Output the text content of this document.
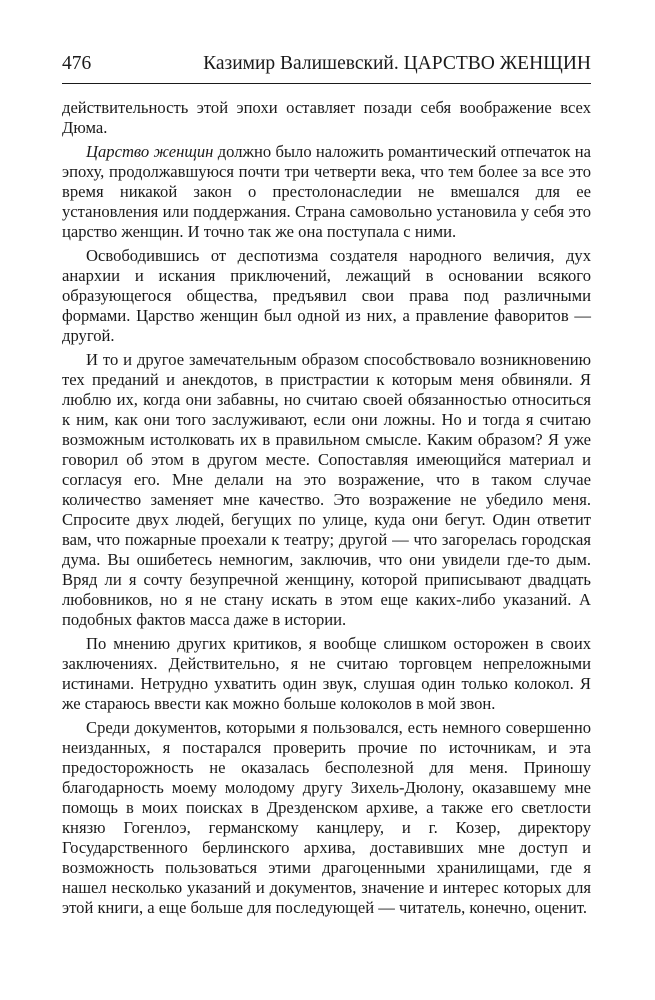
476	Казимир Валишевский. ЦАРСТВО ЖЕНЩИН

действительность этой эпохи оставляет позади себя воображение всех Дюма.

Царство женщин должно было наложить романтический отпечаток на эпоху, продолжавшуюся почти три четверти века, что тем более за все это время никакой закон о престолонаследии не вмешался для ее установления или поддержания. Страна самовольно установила у себя это царство женщин. И точно так же она поступала с ними.

Освободившись от деспотизма создателя народного величия, дух анархии и искания приключений, лежащий в основании всякого образующегося общества, предъявил свои права под различными формами. Царство женщин был одной из них, а правление фаворитов — другой.

И то и другое замечательным образом способствовало возникновению тех преданий и анекдотов, в пристрастии к которым меня обвиняли. Я люблю их, когда они забавны, но считаю своей обязанностью относиться к ним, как они того заслуживают, если они ложны. Но и тогда я считаю возможным истолковать их в правильном смысле. Каким образом? Я уже говорил об этом в другом месте. Сопоставляя имеющийся материал и согласуя его. Мне делали на это возражение, что в таком случае количество заменяет мне качество. Это возражение не убедило меня. Спросите двух людей, бегущих по улице, куда они бегут. Один ответит вам, что пожарные проехали к театру; другой — что загорелась городская дума. Вы ошибетесь немногим, заключив, что они увидели где-то дым. Вряд ли я сочту безупречной женщину, которой приписывают двадцать любовников, но я не стану искать в этом еще каких-либо указаний. А подобных фактов масса даже в истории.

По мнению других критиков, я вообще слишком осторожен в своих заключениях. Действительно, я не считаю торговцем непреложными истинами. Нетрудно ухватить один звук, слушая один только колокол. Я же стараюсь ввести как можно больше колоколов в мой звон.

Среди документов, которыми я пользовался, есть немного совершенно неизданных, я постарался проверить прочие по источникам, и эта предосторожность не оказалась бесполезной для меня. Приношу благодарность моему молодому другу Зихель-Дюлону, оказавшему мне помощь в моих поисках в Дрезденском архиве, а также его светлости князю Гогенлоэ, германскому канцлеру, и г. Козер, директору Государственного берлинского архива, доставивших мне доступ и возможность пользоваться этими драгоценными хранилищами, где я нашел несколько указаний и документов, значение и интерес которых для этой книги, а еще больше для последующей — читатель, конечно, оценит.
